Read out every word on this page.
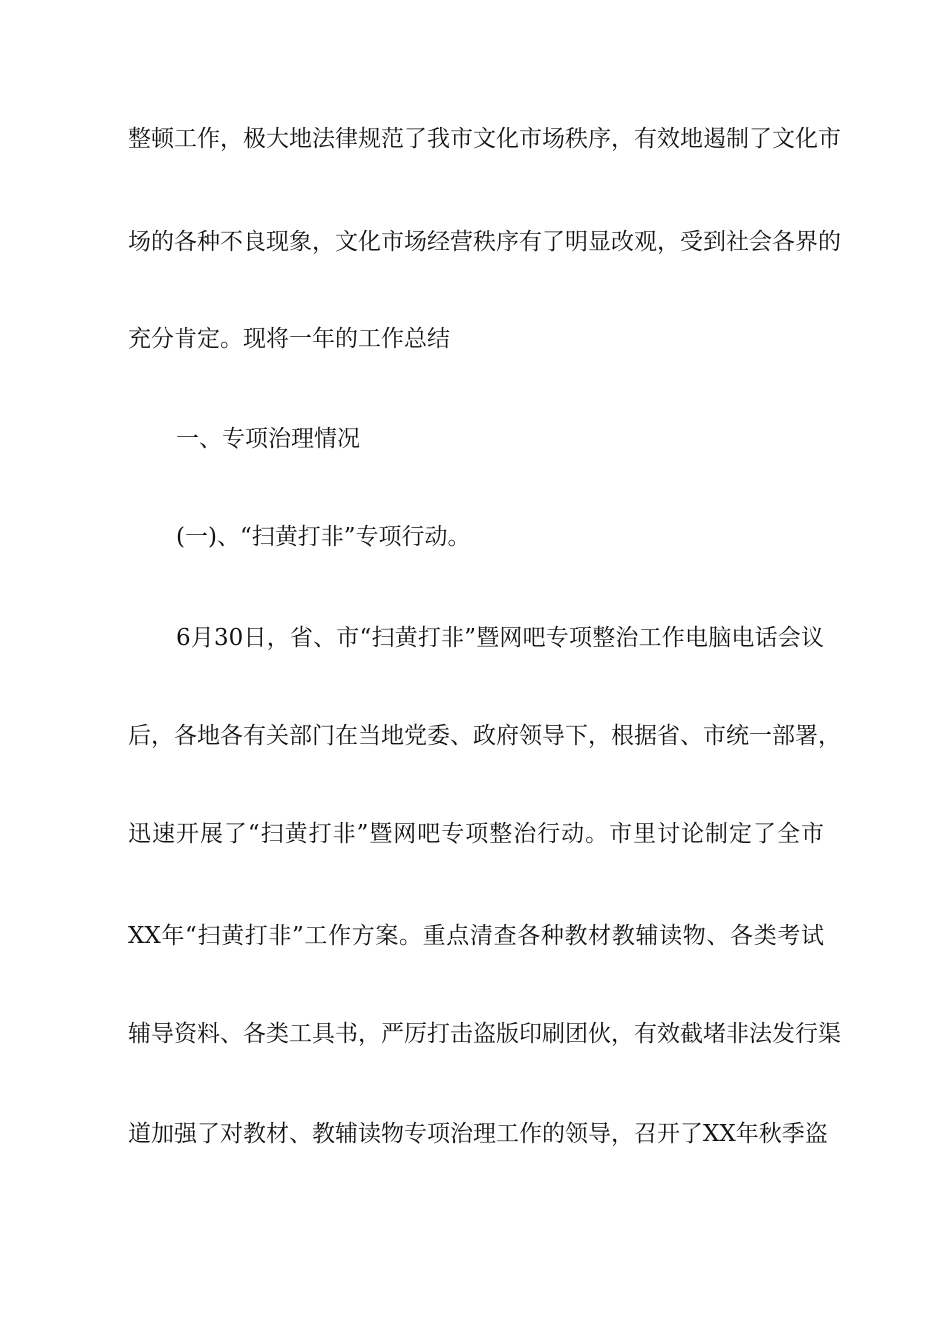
整顿工作，极大地法律规范了我市文化市场秩序，有效地遏制了文化市
场的各种不良现象，文化市场经营秩序有了明显改观，受到社会各界的
充分肯定。现将一年的工作总结
一、专项治理情况
(一)、“扫黄打非”专项行动。
6月30日，省、市“扫黄打非”暨网吧专项整治工作电脑电话会议
后，各地各有关部门在当地党委、政府领导下，根据省、市统一部署，
迅速开展了“扫黄打非”暨网吧专项整治行动。市里讨论制定了全市
XX年“扫黄打非”工作方案。重点清查各种教材教辅读物、各类考试
辅导资料、各类工具书，严厉打击盗版印刷团伙，有效截堵非法发行渠
道加强了对教材、教辅读物专项治理工作的领导，召开了XX年秋季盗
